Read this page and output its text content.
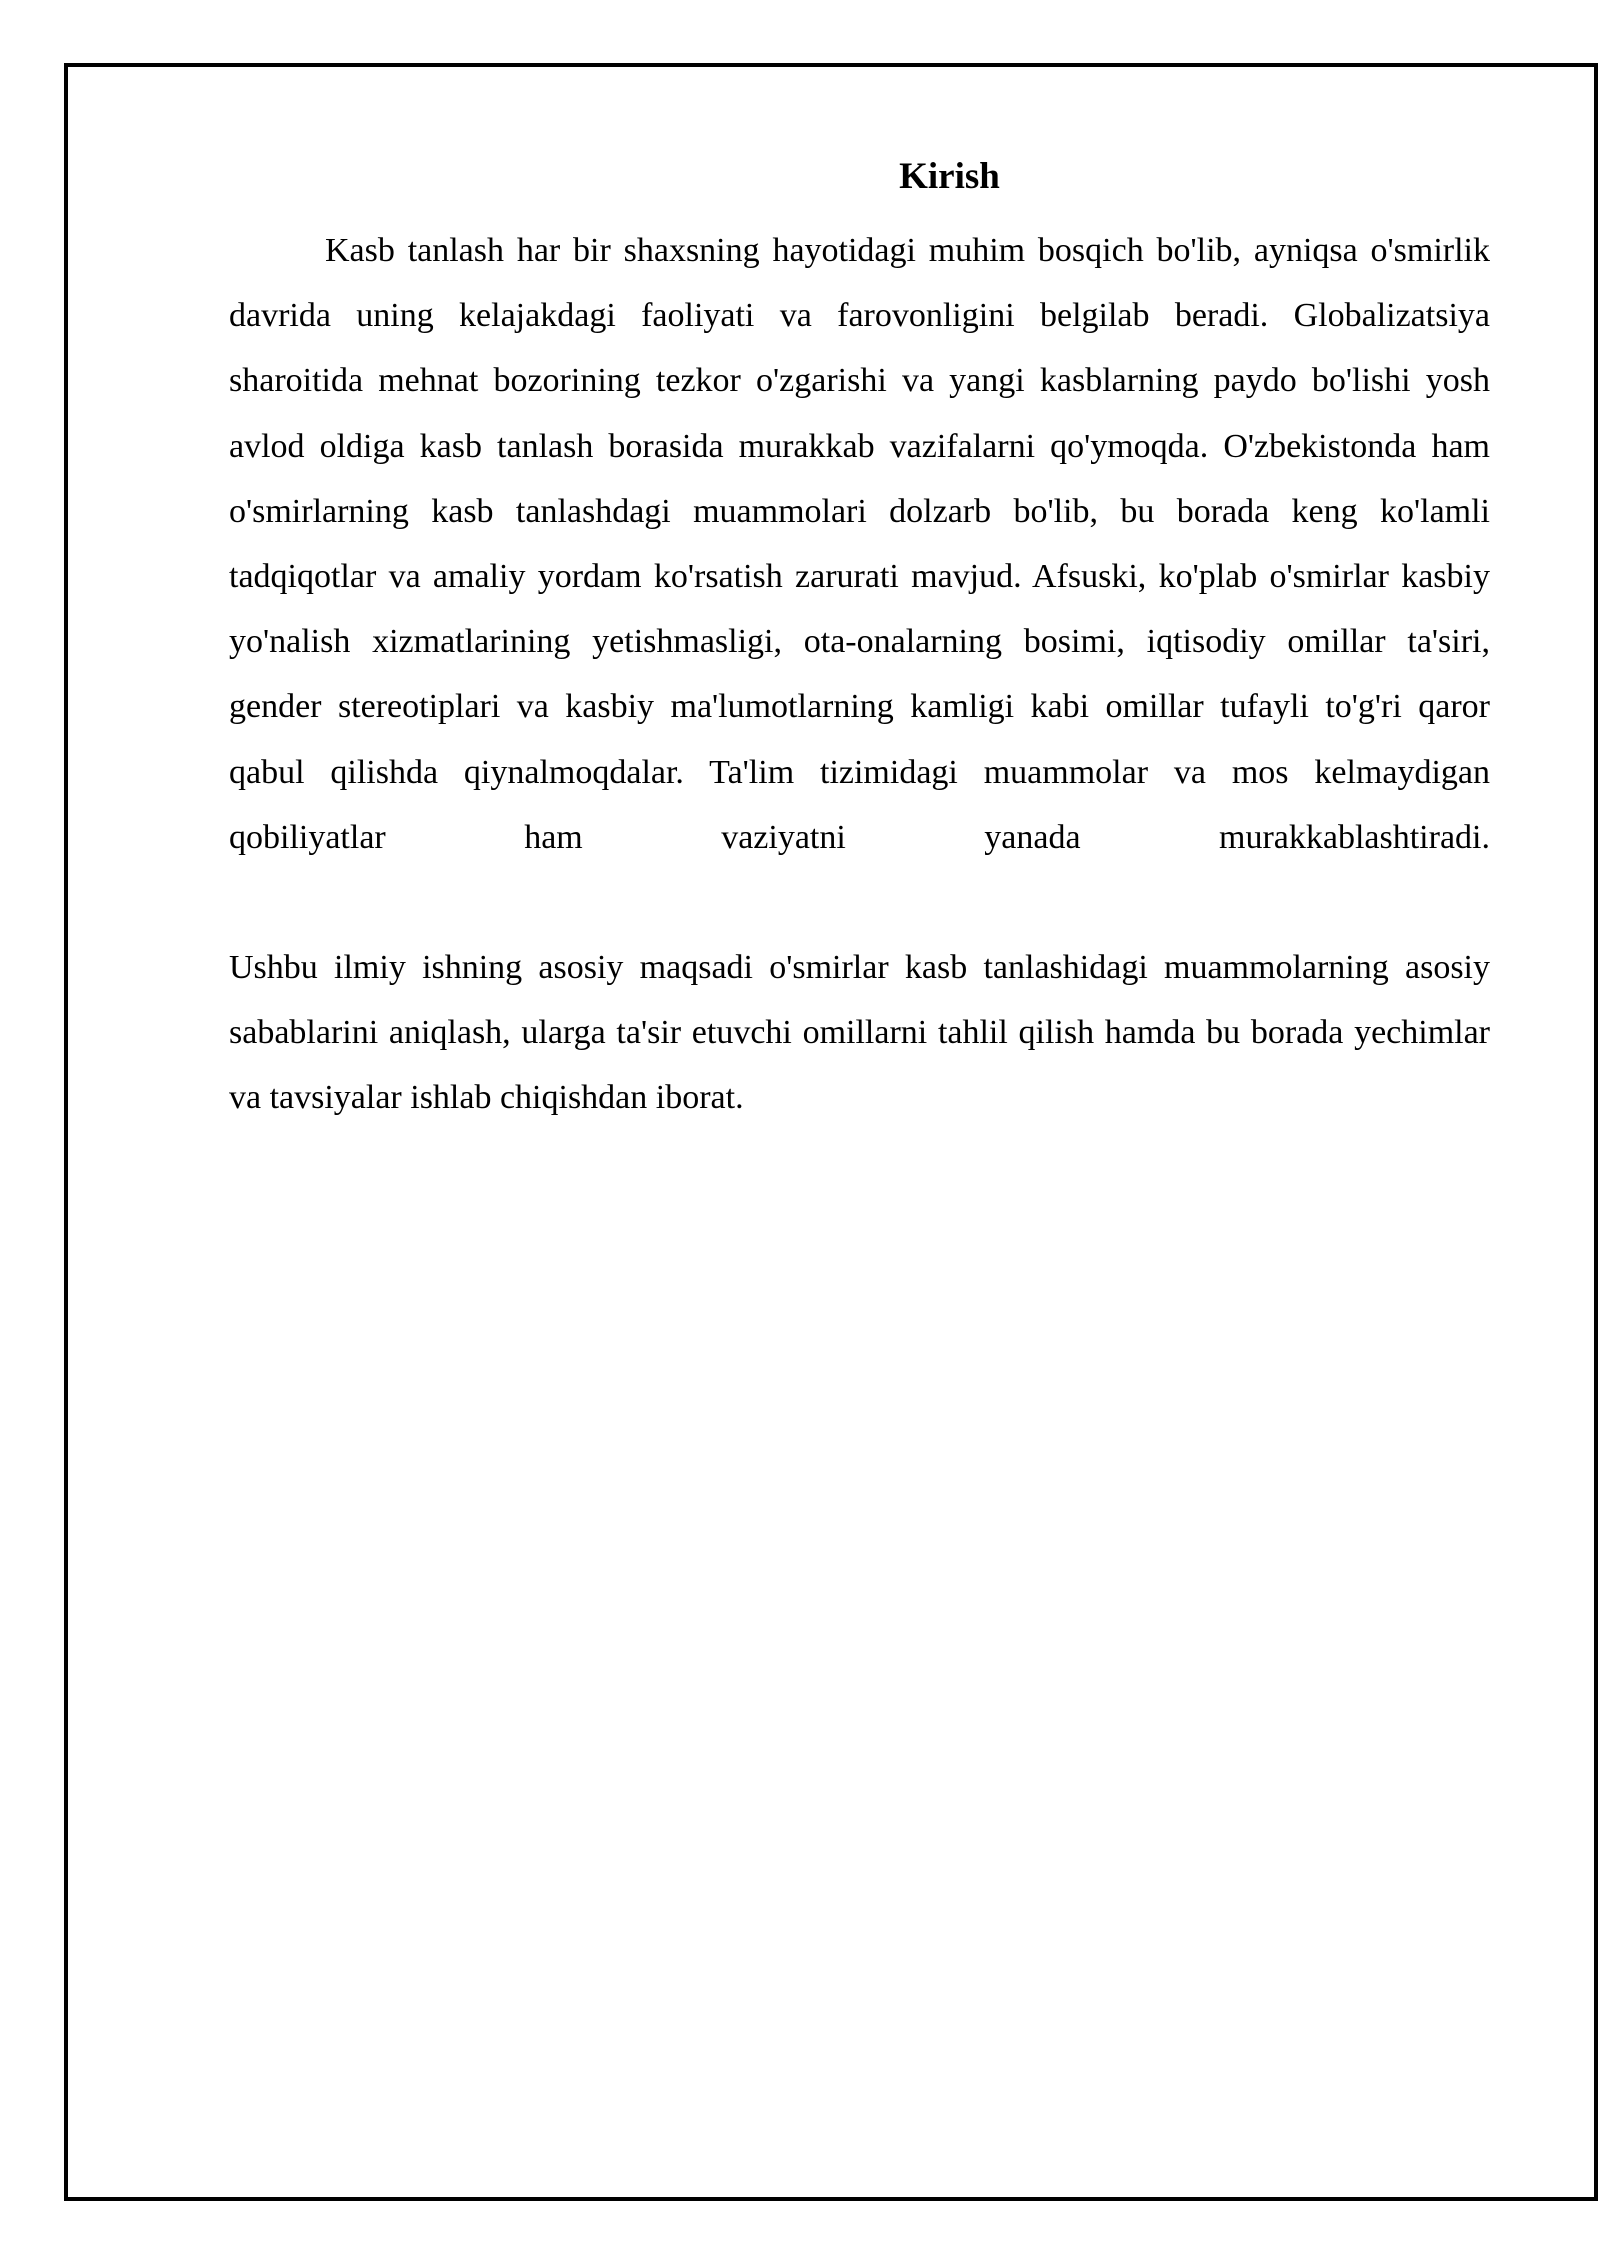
Kirish

Kasb tanlash har bir shaxsning hayotidagi muhim bosqich bo'lib, ayniqsa o'smirlik davrida uning kelajakdagi faoliyati va farovonligini belgilab beradi. Globalizatsiya sharoitida mehnat bozorining tezkor o'zgarishi va yangi kasblarning paydo bo'lishi yosh avlod oldiga kasb tanlash borasida murakkab vazifalarni qo'ymoqda. O'zbekistonda ham o'smirlarning kasb tanlashdagi muammolari dolzarb bo'lib, bu borada keng ko'lamli tadqiqotlar va amaliy yordam ko'rsatish zarurati mavjud. Afsuski, ko'plab o'smirlar kasbiy yo'nalish xizmatlarining yetishmasligi, ota-onalarning bosimi, iqtisodiy omillar ta'siri, gender stereotiplari va kasbiy ma'lumotlarning kamligi kabi omillar tufayli to'g'ri qaror qabul qilishda qiynalmoqdalar. Ta'lim tizimidagi muammolar va mos kelmaydigan qobiliyatlar ham vaziyatni yanada murakkablashtiradi.

Ushbu ilmiy ishning asosiy maqsadi o'smirlar kasb tanlashidagi muammolarning asosiy sabablarini aniqlash, ularga ta'sir etuvchi omillarni tahlil qilish hamda bu borada yechimlar va tavsiyalar ishlab chiqishdan iborat.
